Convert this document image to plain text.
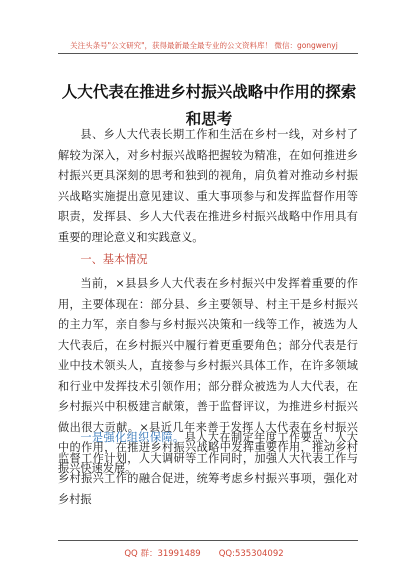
关注头条号"公文研究"，获得最新最全最专业的公文资料库！ 微信：gongwenyj
人大代表在推进乡村振兴战略中作用的探索和思考

县、乡人大代表长期工作和生活在乡村一线，对乡村了解较为深入，对乡村振兴战略把握较为精准，在如何推进乡村振兴更具深刻的思考和独到的视角，肩负着对推动乡村振兴战略实施提出意见建议、重大事项参与和发挥监督作用等职责，发挥县、乡人大代表在推进乡村振兴战略中作用具有重要的理论意义和实践意义。

一、基本情况

当前，×县县乡人大代表在乡村振兴中发挥着重要的作用，主要体现在：部分县、乡主要领导、村主干是乡村振兴的主力军，亲自参与乡村振兴决策和一线等工作，被选为人大代表后，在乡村振兴中履行着更重要角色；部分代表是行业中技术领头人，直接参与乡村振兴具体工作，在许多领域和行业中发挥技术引领作用；部分群众被选为人大代表，在乡村振兴中积极建言献策，善于监督评议，为推进乡村振兴做出很大贡献。×县近几年来善于发挥人大代表在乡村振兴中的作用，在推进乡村振兴战略中发挥重要作用，推动乡村振兴快速发展。

一是强化组织保障。县人大在制定年度工作要点、人大监督工作计划，人大调研等工作同时，加强人大代表工作与乡村振兴工作的融合促进，统筹考虑乡村振兴事项，强化对乡村振

QQ 群：31991489 QQ:535304092
